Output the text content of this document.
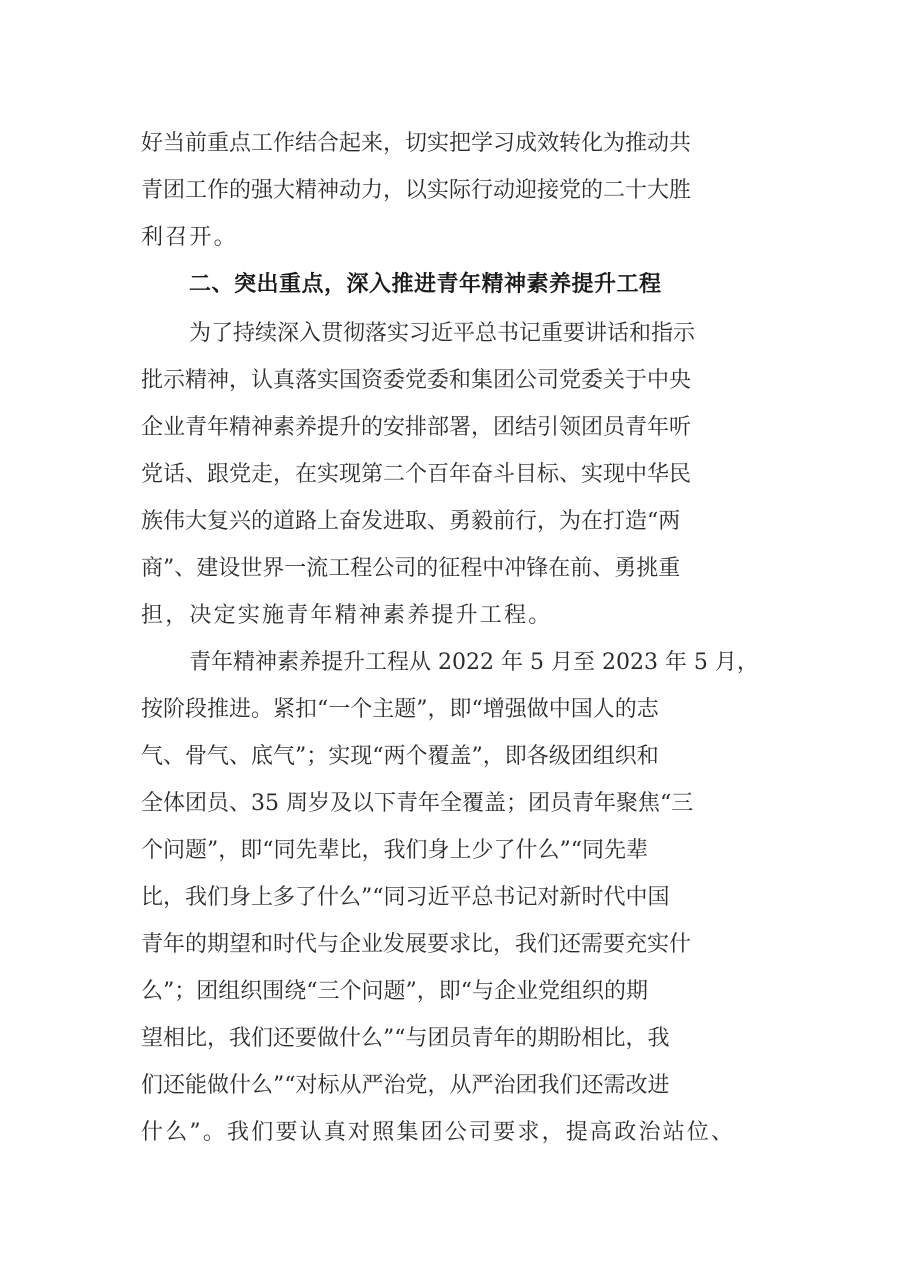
好当前重点工作结合起来，切实把学习成效转化为推动共
青团工作的强大精神动力，以实际行动迎接党的二十大胜
利召开。
二、突出重点，深入推进青年精神素养提升工程
为了持续深入贯彻落实习近平总书记重要讲话和指示
批示精神，认真落实国资委党委和集团公司党委关于中央
企业青年精神素养提升的安排部署，团结引领团员青年听
党话、跟党走，在实现第二个百年奋斗目标、实现中华民
族伟大复兴的道路上奋发进取、勇毅前行，为在打造“两
商”、建设世界一流工程公司的征程中冲锋在前、勇挑重
担，决定实施青年精神素养提升工程。
青年精神素养提升工程从 2022 年 5 月至 2023 年 5 月，
按阶段推进。紧扣“一个主题”，即“增强做中国人的志
气、骨气、底气”；实现“两个覆盖”，即各级团组织和
全体团员、35 周岁及以下青年全覆盖；团员青年聚焦“三
个问题”，即“同先辈比，我们身上少了什么”“同先辈
比，我们身上多了什么”“同习近平总书记对新时代中国
青年的期望和时代与企业发展要求比，我们还需要充实什
么”；团组织围绕“三个问题”，即“与企业党组织的期
望相比，我们还要做什么”“与团员青年的期盼相比，我
们还能做什么”“对标从严治党，从严治团我们还需改进
什么”。我们要认真对照集团公司要求，提高政治站位、
